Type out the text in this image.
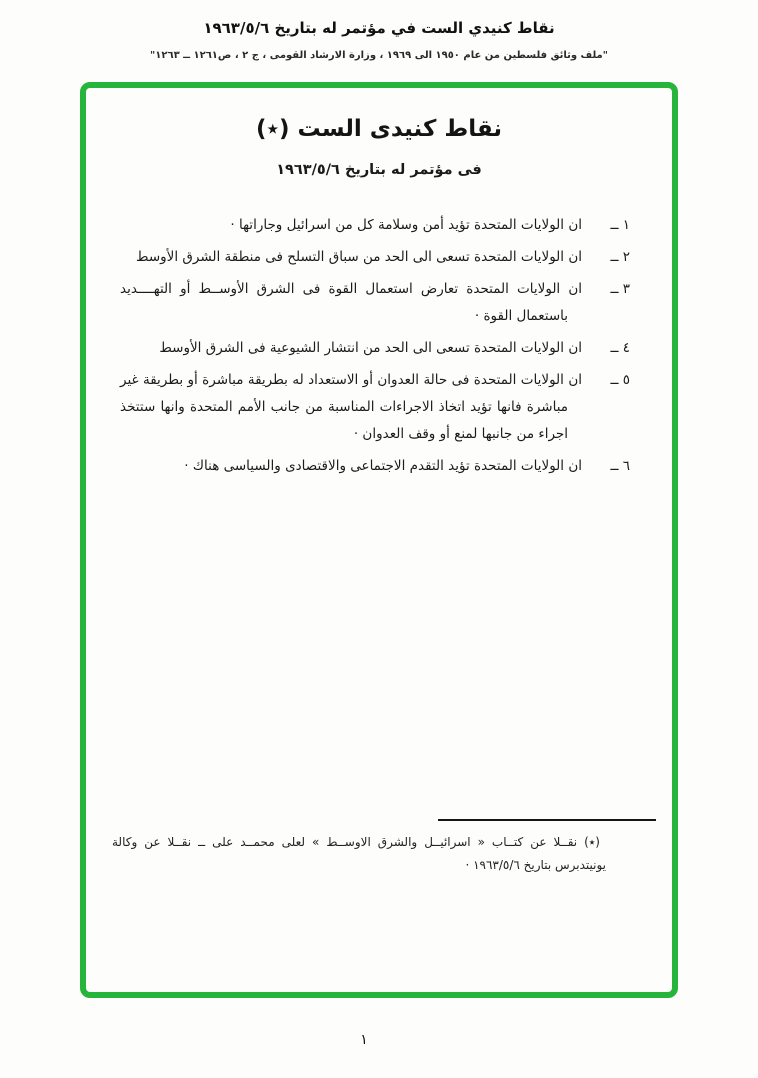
نقاط كنيدي الست في مؤتمر له بتاريخ ١٩٦٣/٥/٦
"ملف وثائق فلسطين من عام ١٩٥٠ الى ١٩٦٩ ، وزارة الارشاد القومى ، ج ٢ ، ص١٢٦١ ــ ١٢٦٣"
نقاط كنيدى الست (٭)
فى مؤتمر له بتاريخ ١٩٦٣/٥/٦
١ ــ
ان الولايات المتحدة تؤيد أمن وسلامة كل من اسرائيل وجاراتها ·
٢ ــ
ان الولايات المتحدة تسعى الى الحد من سباق التسلح فى منطقة الشرق الأوسط
٣ ــ
ان الولايات المتحدة تعارض استعمال القوة فى الشرق الأوســط أو التهــــديد باستعمال القوة ·
٤ ــ
ان الولايات المتحدة تسعى الى الحد من انتشار الشيوعية فى الشرق الأوسط
٥ ــ
ان الولايات المتحدة فى حالة العدوان أو الاستعداد له بطريقة مباشرة أو بطريقة غير مباشرة فانها تؤيد اتخاذ الاجراءات المناسبة من جانب الأمم المتحدة وانها ستتخذ اجراء من جانبها لمنع أو وقف العدوان ·
٦ ــ
ان الولايات المتحدة تؤيد التقدم الاجتماعى والاقتصادى والسياسى هناك ·
(٭) نقــلا عن كتــاب « اسرائيــل والشرق الاوســط » لعلى محمــد على ــ نقــلا عن وكالة يونيتدبرس بتاريخ ١٩٦٣/٥/٦ ·
١
